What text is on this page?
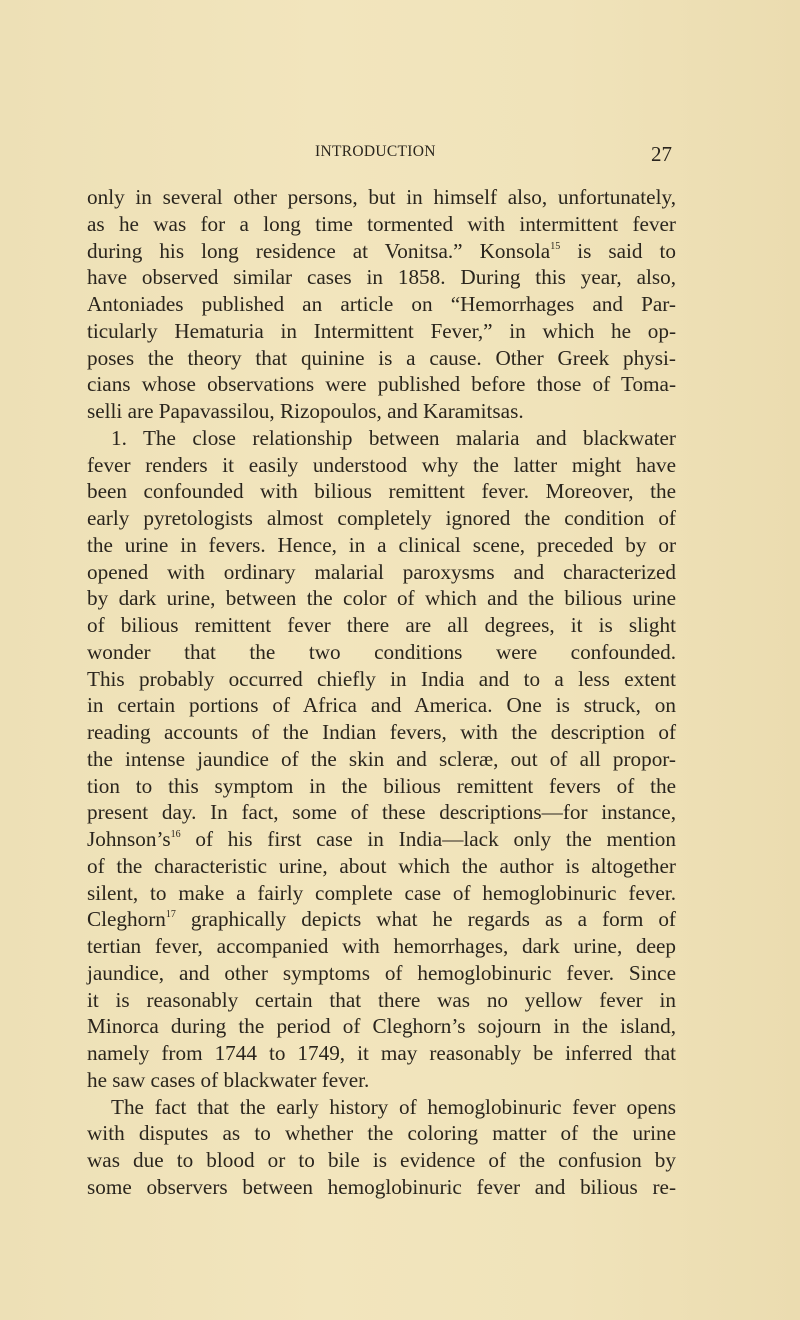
INTRODUCTION	27
only in several other persons, but in himself also, unfortunately,
as he was for a long time tormented with intermittent fever
during his long residence at Vonitsa.” Konsola$^{15}$ is said to
have observed similar cases in 1858. During this year, also,
Antoniades published an article on “Hemorrhages and Par-
ticularly Hematuria in Intermittent Fever,” in which he op-
poses the theory that quinine is a cause. Other Greek physi-
cians whose observations were published before those of Toma-
selli are Papavassilou, Rizopoulos, and Karamitsas.
1. The close relationship between malaria and blackwater
fever renders it easily understood why the latter might have
been confounded with bilious remittent fever. Moreover, the
early pyretologists almost completely ignored the condition of
the urine in fevers. Hence, in a clinical scene, preceded by or
opened with ordinary malarial paroxysms and characterized
by dark urine, between the color of which and the bilious urine
of bilious remittent fever there are all degrees, it is slight
wonder that the two conditions were confounded.
This probably occurred chiefly in India and to a less extent
in certain portions of Africa and America. One is struck, on
reading accounts of the Indian fevers, with the description of
the intense jaundice of the skin and scleræ, out of all propor-
tion to this symptom in the bilious remittent fevers of the
present day. In fact, some of these descriptions—for instance,
$Johnson’s^{16}$ of his first case in India—lack only the mention
of the characteristic urine, about which the author is altogether
silent, to make a fairly complete case of hemoglobinuric fever.
Cleghorn$^{17}$ graphically depicts what he regards as a form of
tertian fever, accompanied with hemorrhages, dark urine, deep
jaundice, and other symptoms of hemoglobinuric fever. Since
it is reasonably certain that there was no yellow fever in
Minorca during the period of Cleghorn’s sojourn in the island,
namely from 1744 to 1749, it may reasonably be inferred that
he saw cases of blackwater fever.
The fact that the early history of hemoglobinuric fever opens
with disputes as to whether the coloring matter of the urine
was due to blood or to bile is evidence of the confusion by
some observers between hemoglobinuric fever and bilious re-
